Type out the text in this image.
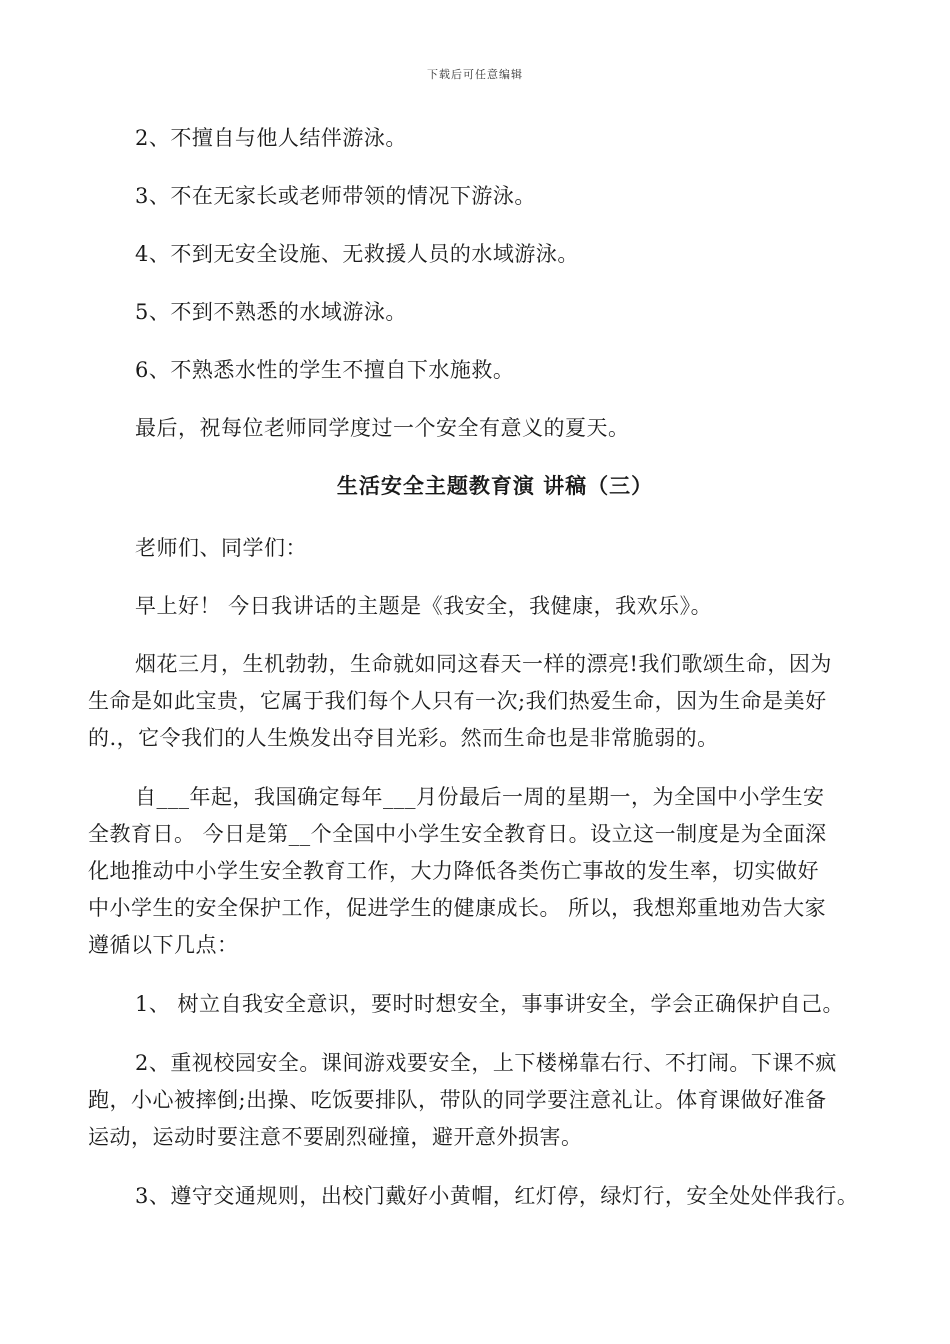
下载后可任意编辑
2、不擅自与他人结伴游泳。
3、不在无家长或老师带领的情况下游泳。
4、不到无安全设施、无救援人员的水域游泳。
5、不到不熟悉的水域游泳。
6、不熟悉水性的学生不擅自下水施救。
最后，祝每位老师同学度过一个安全有意义的夏天。
生活安全主题教育演 讲稿（三）
老师们、同学们：
早上好！ 今日我讲话的主题是《我安全，我健康，我欢乐》。
烟花三月，生机勃勃，生命就如同这春天一样的漂亮!我们歌颂生命，因为
生命是如此宝贵，它属于我们每个人只有一次;我们热爱生命，因为生命是美好
的.，它令我们的人生焕发出夺目光彩。然而生命也是非常脆弱的。
自___年起，我国确定每年___月份最后一周的星期一，为全国中小学生安
全教育日。 今日是第__个全国中小学生安全教育日。设立这一制度是为全面深
化地推动中小学生安全教育工作，大力降低各类伤亡事故的发生率，切实做好
中小学生的安全保护工作，促进学生的健康成长。 所以，我想郑重地劝告大家
遵循以下几点：
1、 树立自我安全意识，要时时想安全，事事讲安全，学会正确保护自己。
2、重视校园安全。课间游戏要安全，上下楼梯靠右行、不打闹。下课不疯
跑，小心被摔倒;出操、吃饭要排队，带队的同学要注意礼让。体育课做好准备
运动，运动时要注意不要剧烈碰撞，避开意外损害。
3、遵守交通规则，出校门戴好小黄帽，红灯停，绿灯行，安全处处伴我行。
